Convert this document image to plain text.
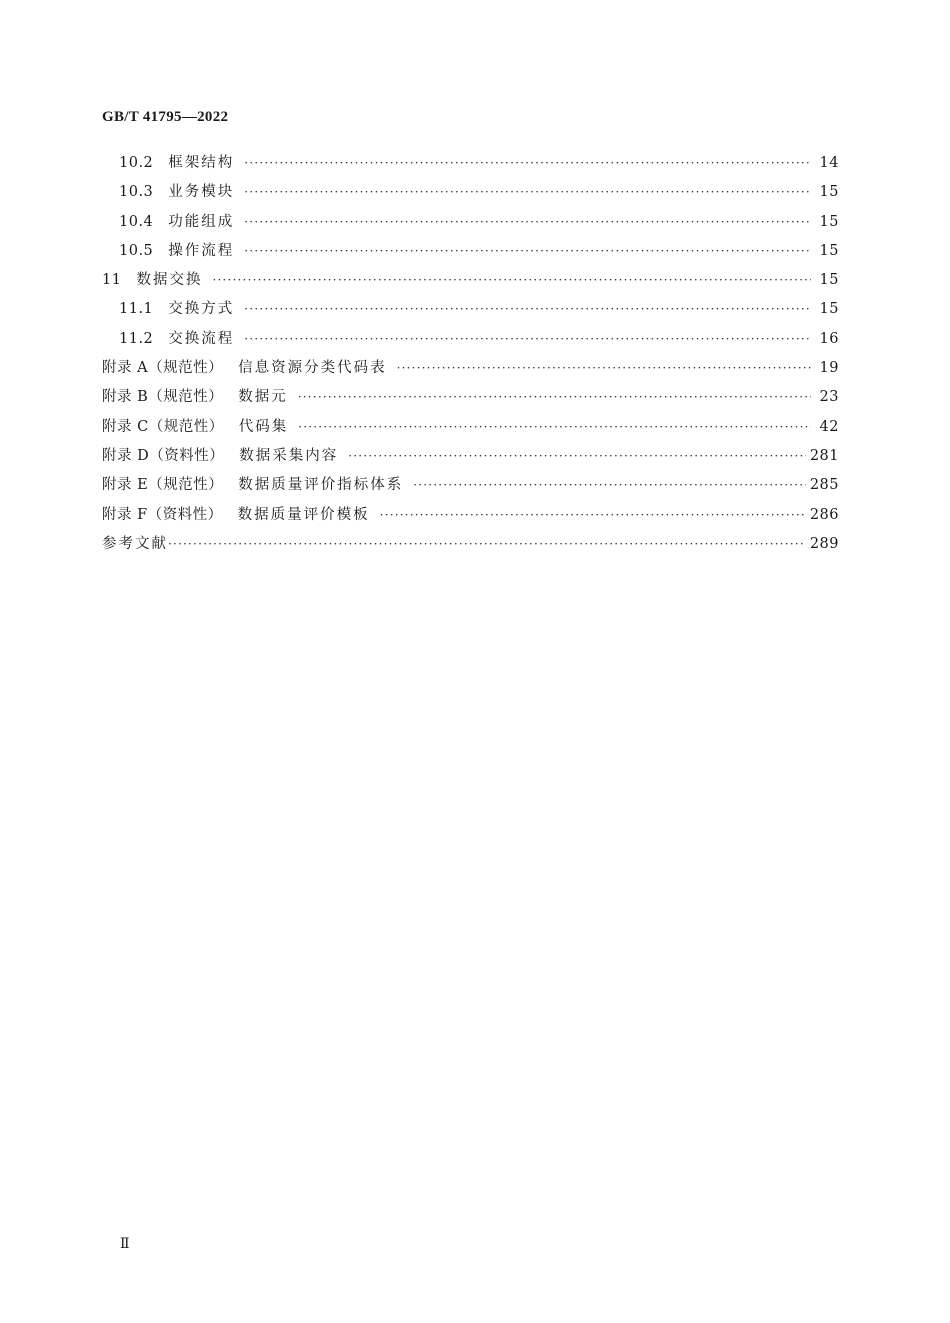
GB/T 41795—2022
10.2 框架结构 ·····	14
10.3 业务模块 ·····	15
10.4 功能组成 ·····	15
10.5 操作流程 ·····	15
11 数据交换 ·····	15
11.1 交换方式 ·····	15
11.2 交换流程 ·····	16
附录 A（规范性） 信息资源分类代码表 ·····	19
附录 B（规范性） 数据元 ·····	23
附录 C（规范性） 代码集 ·····	42
附录 D（资料性） 数据采集内容 ·····	281
附录 E（规范性） 数据质量评价指标体系 ·····	285
附录 F（资料性） 数据质量评价模板 ·····	286
参考文献 ·····	289
Ⅱ
